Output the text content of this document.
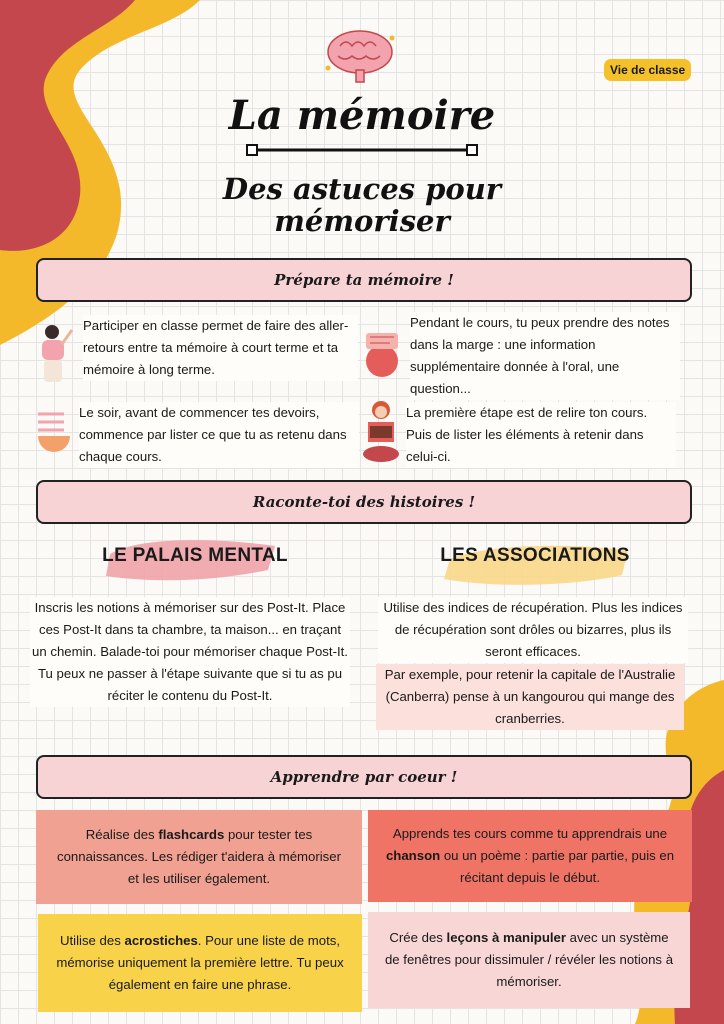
Vie de classe
La mémoire
Des astuces pour
mémoriser
Prépare ta mémoire !
Participer en classe permet de faire des aller-retours entre ta mémoire à court terme et ta mémoire à long terme.
Pendant le cours, tu peux prendre des notes dans la marge : une information supplémentaire donnée à l'oral, une question...
Le soir, avant de commencer tes devoirs, commence par lister ce que tu as retenu dans chaque cours.
La première étape est de relire ton cours. Puis de lister les éléments à retenir dans celui-ci.
Raconte-toi des histoires !
LE PALAIS MENTAL
Inscris les notions à mémoriser sur des Post-It. Place ces Post-It dans ta chambre, ta maison... en traçant un chemin. Balade-toi pour mémoriser chaque Post-It. Tu peux ne passer à l'étape suivante que si tu as pu réciter le contenu du Post-It.
LES ASSOCIATIONS
Utilise des indices de récupération. Plus les indices de récupération sont drôles ou bizarres, plus ils seront efficaces.
Par exemple, pour retenir la capitale de l'Australie (Canberra) pense à un kangourou qui mange des cranberries.
Apprendre par coeur !
Réalise des flashcards pour tester tes connaissances. Les rédiger t'aidera à mémoriser et les utiliser également.
Apprends tes cours comme tu apprendrais une chanson ou un poème : partie par partie, puis en récitant depuis le début.
Utilise des acrostiches. Pour une liste de mots, mémorise uniquement la première lettre. Tu peux également en faire une phrase.
Crée des leçons à manipuler avec un système de fenêtres pour dissimuler / révéler les notions à mémoriser.
